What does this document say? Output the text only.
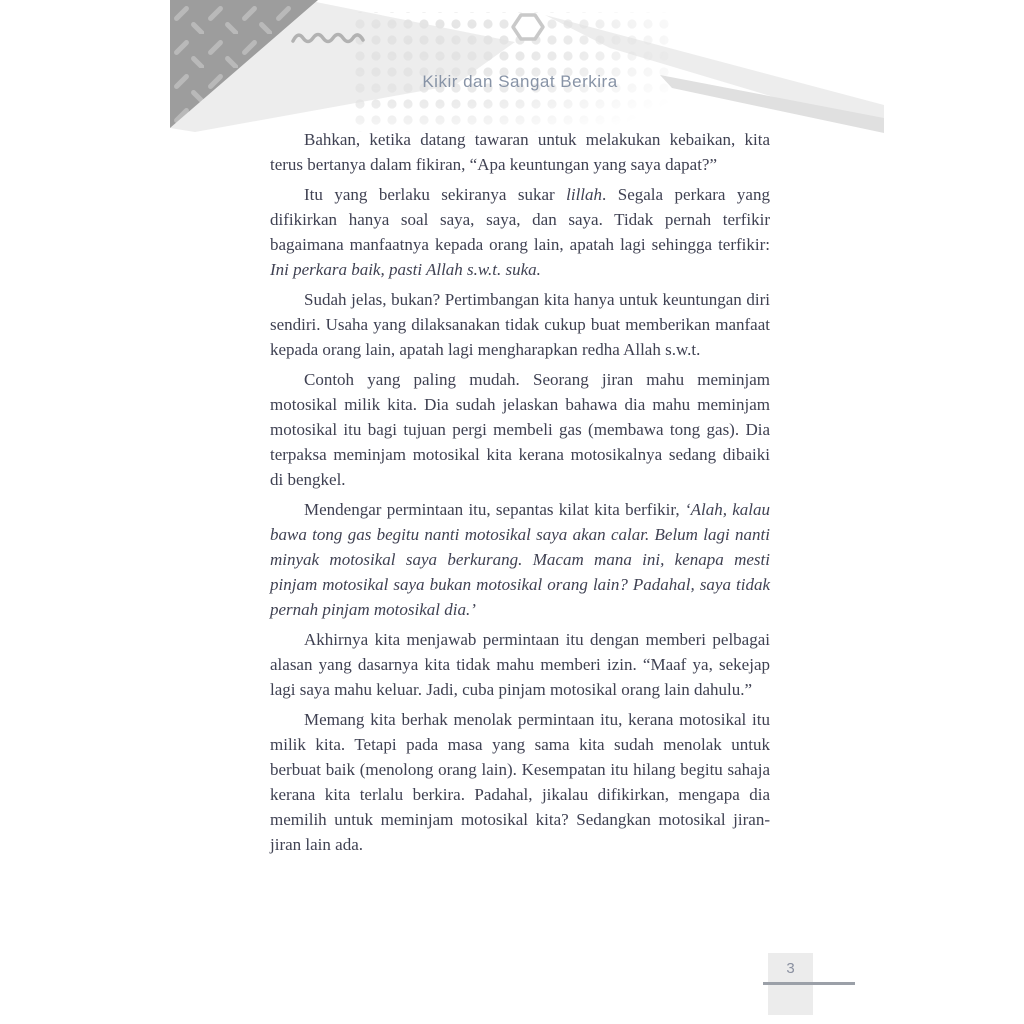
Kikir dan Sangat Berkira

Bahkan, ketika datang tawaran untuk melakukan kebaikan, kita terus bertanya dalam fikiran, “Apa keuntungan yang saya dapat?”

Itu yang berlaku sekiranya sukar lillah. Segala perkara yang difikirkan hanya soal saya, saya, dan saya. Tidak pernah terfikir bagaimana manfaatnya kepada orang lain, apatah lagi sehingga terfikir: Ini perkara baik, pasti Allah s.w.t. suka.

Sudah jelas, bukan? Pertimbangan kita hanya untuk keuntungan diri sendiri. Usaha yang dilaksanakan tidak cukup buat memberikan manfaat kepada orang lain, apatah lagi mengharapkan redha Allah s.w.t.

Contoh yang paling mudah. Seorang jiran mahu meminjam motosikal milik kita. Dia sudah jelaskan bahawa dia mahu meminjam motosikal itu bagi tujuan pergi membeli gas (membawa tong gas). Dia terpaksa meminjam motosikal kita kerana motosikalnya sedang dibaiki di bengkel.

Mendengar permintaan itu, sepantas kilat kita berfikir, ‘Alah, kalau bawa tong gas begitu nanti motosikal saya akan calar. Belum lagi nanti minyak motosikal saya berkurang. Macam mana ini, kenapa mesti pinjam motosikal saya bukan motosikal orang lain? Padahal, saya tidak pernah pinjam motosikal dia.’

Akhirnya kita menjawab permintaan itu dengan memberi pelbagai alasan yang dasarnya kita tidak mahu memberi izin. “Maaf ya, sekejap lagi saya mahu keluar. Jadi, cuba pinjam motosikal orang lain dahulu.”

Memang kita berhak menolak permintaan itu, kerana motosikal itu milik kita. Tetapi pada masa yang sama kita sudah menolak untuk berbuat baik (menolong orang lain). Kesempatan itu hilang begitu sahaja kerana kita terlalu berkira. Padahal, jikalau difikirkan, mengapa dia memilih untuk meminjam motosikal kita? Sedangkan motosikal jiran-jiran lain ada.

3
